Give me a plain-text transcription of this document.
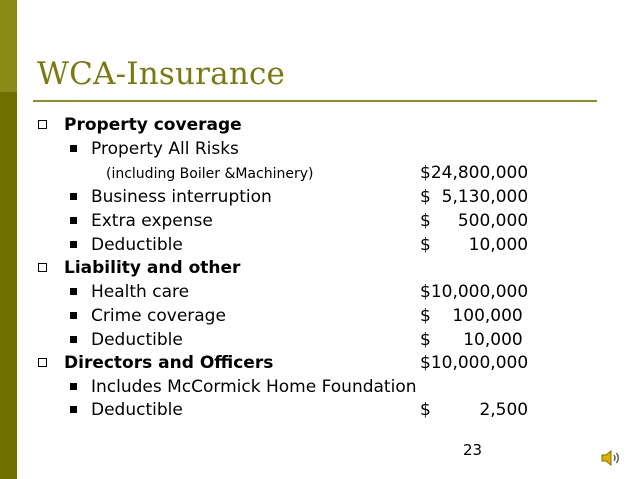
WCA-Insurance
Property coverage
Property All Risks
(including Boiler &Machinery)	$24,800,000
Business interruption	$  5,130,000
Extra expense	$     500,000
Deductible	$       10,000
Liability and other
Health care	$10,000,000
Crime coverage	$    100,000
Deductible	$      10,000
Directors and Officers	$10,000,000
Includes McCormick Home Foundation
Deductible	$         2,500
23
